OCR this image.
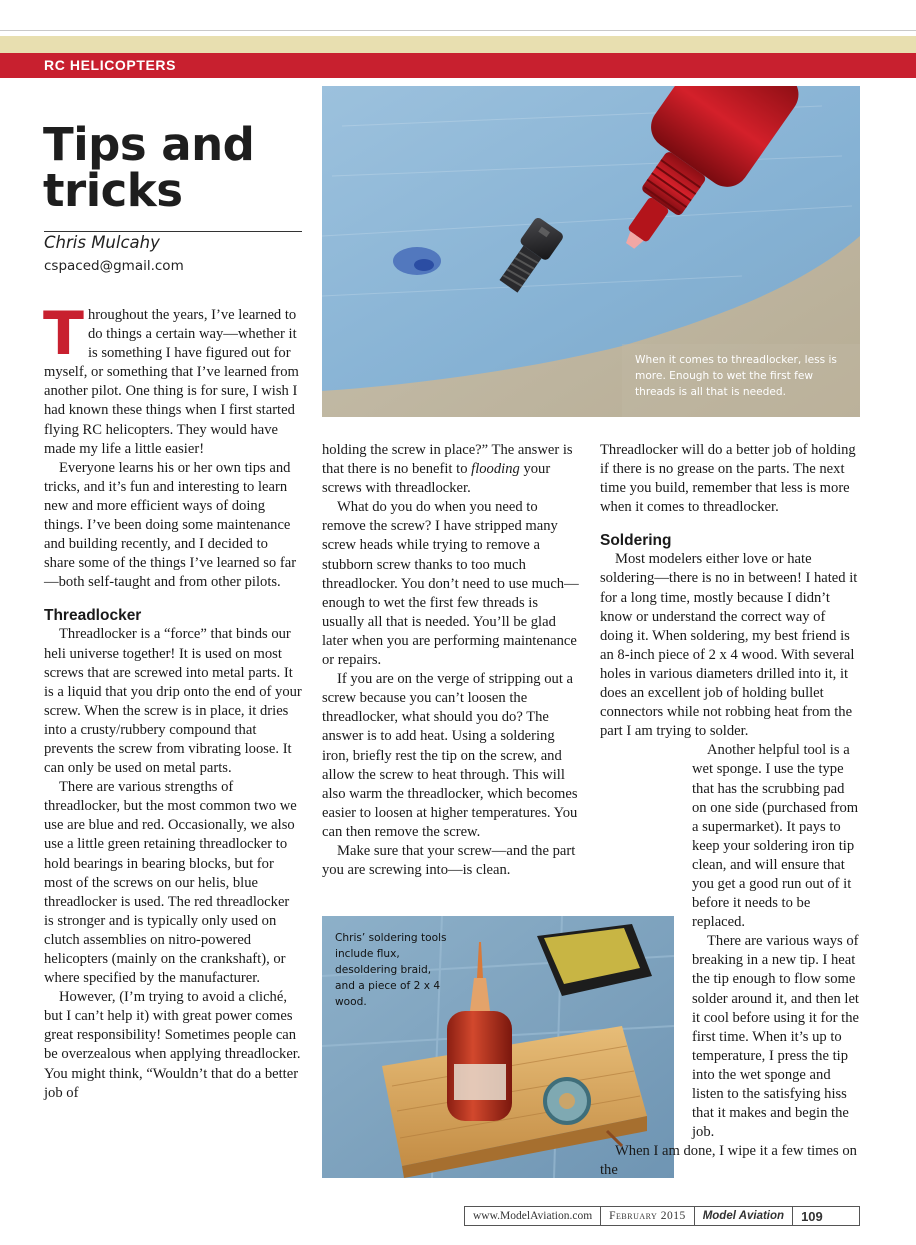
RC HELICOPTERS
Tips and tricks
Chris Mulcahy
cspaced@gmail.com

Throughout the years, I’ve learned to do things a certain way—whether it is something I have figured out for myself, or something that I’ve learned from another pilot. One thing is for sure, I wish I had known these things when I first started flying RC helicopters. They would have made my life a little easier!

Everyone learns his or her own tips and tricks, and it’s fun and interesting to learn new and more efficient ways of doing things. I’ve been doing some maintenance and building recently, and I decided to share some of the things I’ve learned so far—both self-taught and from other pilots.

Threadlocker

Threadlocker is a “force” that binds our heli universe together! It is used on most screws that are screwed into metal parts. It is a liquid that you drip onto the end of your screw. When the screw is in place, it dries into a crusty/rubbery compound that prevents the screw from vibrating loose. It can only be used on metal parts.

There are various strengths of threadlocker, but the most common two we use are blue and red. Occasionally, we also use a little green retaining threadlocker to hold bearings in bearing blocks, but for most of the screws on our helis, blue threadlocker is used. The red threadlocker is stronger and is typically only used on clutch assemblies on nitro-powered helicopters (mainly on the crankshaft), or where specified by the manufacturer.

However, (I’m trying to avoid a cliché, but I can’t help it) with great power comes great responsibility! Sometimes people can be overzealous when applying threadlocker. You might think, “Wouldn’t that do a better job of

When it comes to threadlocker, less is more. Enough to wet the first few threads is all that is needed.

holding the screw in place?” The answer is that there is no benefit to flooding your screws with threadlocker.

What do you do when you need to remove the screw? I have stripped many screw heads while trying to remove a stubborn screw thanks to too much threadlocker. You don’t need to use much—enough to wet the first few threads is usually all that is needed. You’ll be glad later when you are performing maintenance or repairs.

If you are on the verge of stripping out a screw because you can’t loosen the threadlocker, what should you do? The answer is to add heat. Using a soldering iron, briefly rest the tip on the screw, and allow the screw to heat through. This will also warm the threadlocker, which becomes easier to loosen at higher temperatures. You can then remove the screw.

Make sure that your screw—and the part you are screwing into—is clean.

Chris’ soldering tools include flux, desoldering braid, and a piece of 2 x 4 wood.

Threadlocker will do a better job of holding if there is no grease on the parts. The next time you build, remember that less is more when it comes to threadlocker.

Soldering

Most modelers either love or hate soldering—there is no in between! I hated it for a long time, mostly because I didn’t know or understand the correct way of doing it. When soldering, my best friend is an 8-inch piece of 2 x 4 wood. With several holes in various diameters drilled into it, it does an excellent job of holding bullet connectors while not robbing heat from the part I am trying to solder.

Another helpful tool is a wet sponge. I use the type that has the scrubbing pad on one side (purchased from a supermarket). It pays to keep your soldering iron tip clean, and will ensure that you get a good run out of it before it needs to be replaced.

There are various ways of breaking in a new tip. I heat the tip enough to flow some solder around it, and then let it cool before using it for the first time. When it’s up to temperature, I press the tip into the wet sponge and listen to the satisfying hiss that it makes and begin the job.

When I am done, I wipe it a few times on the

www.ModelAviation.com	February 2015	Model Aviation	109
